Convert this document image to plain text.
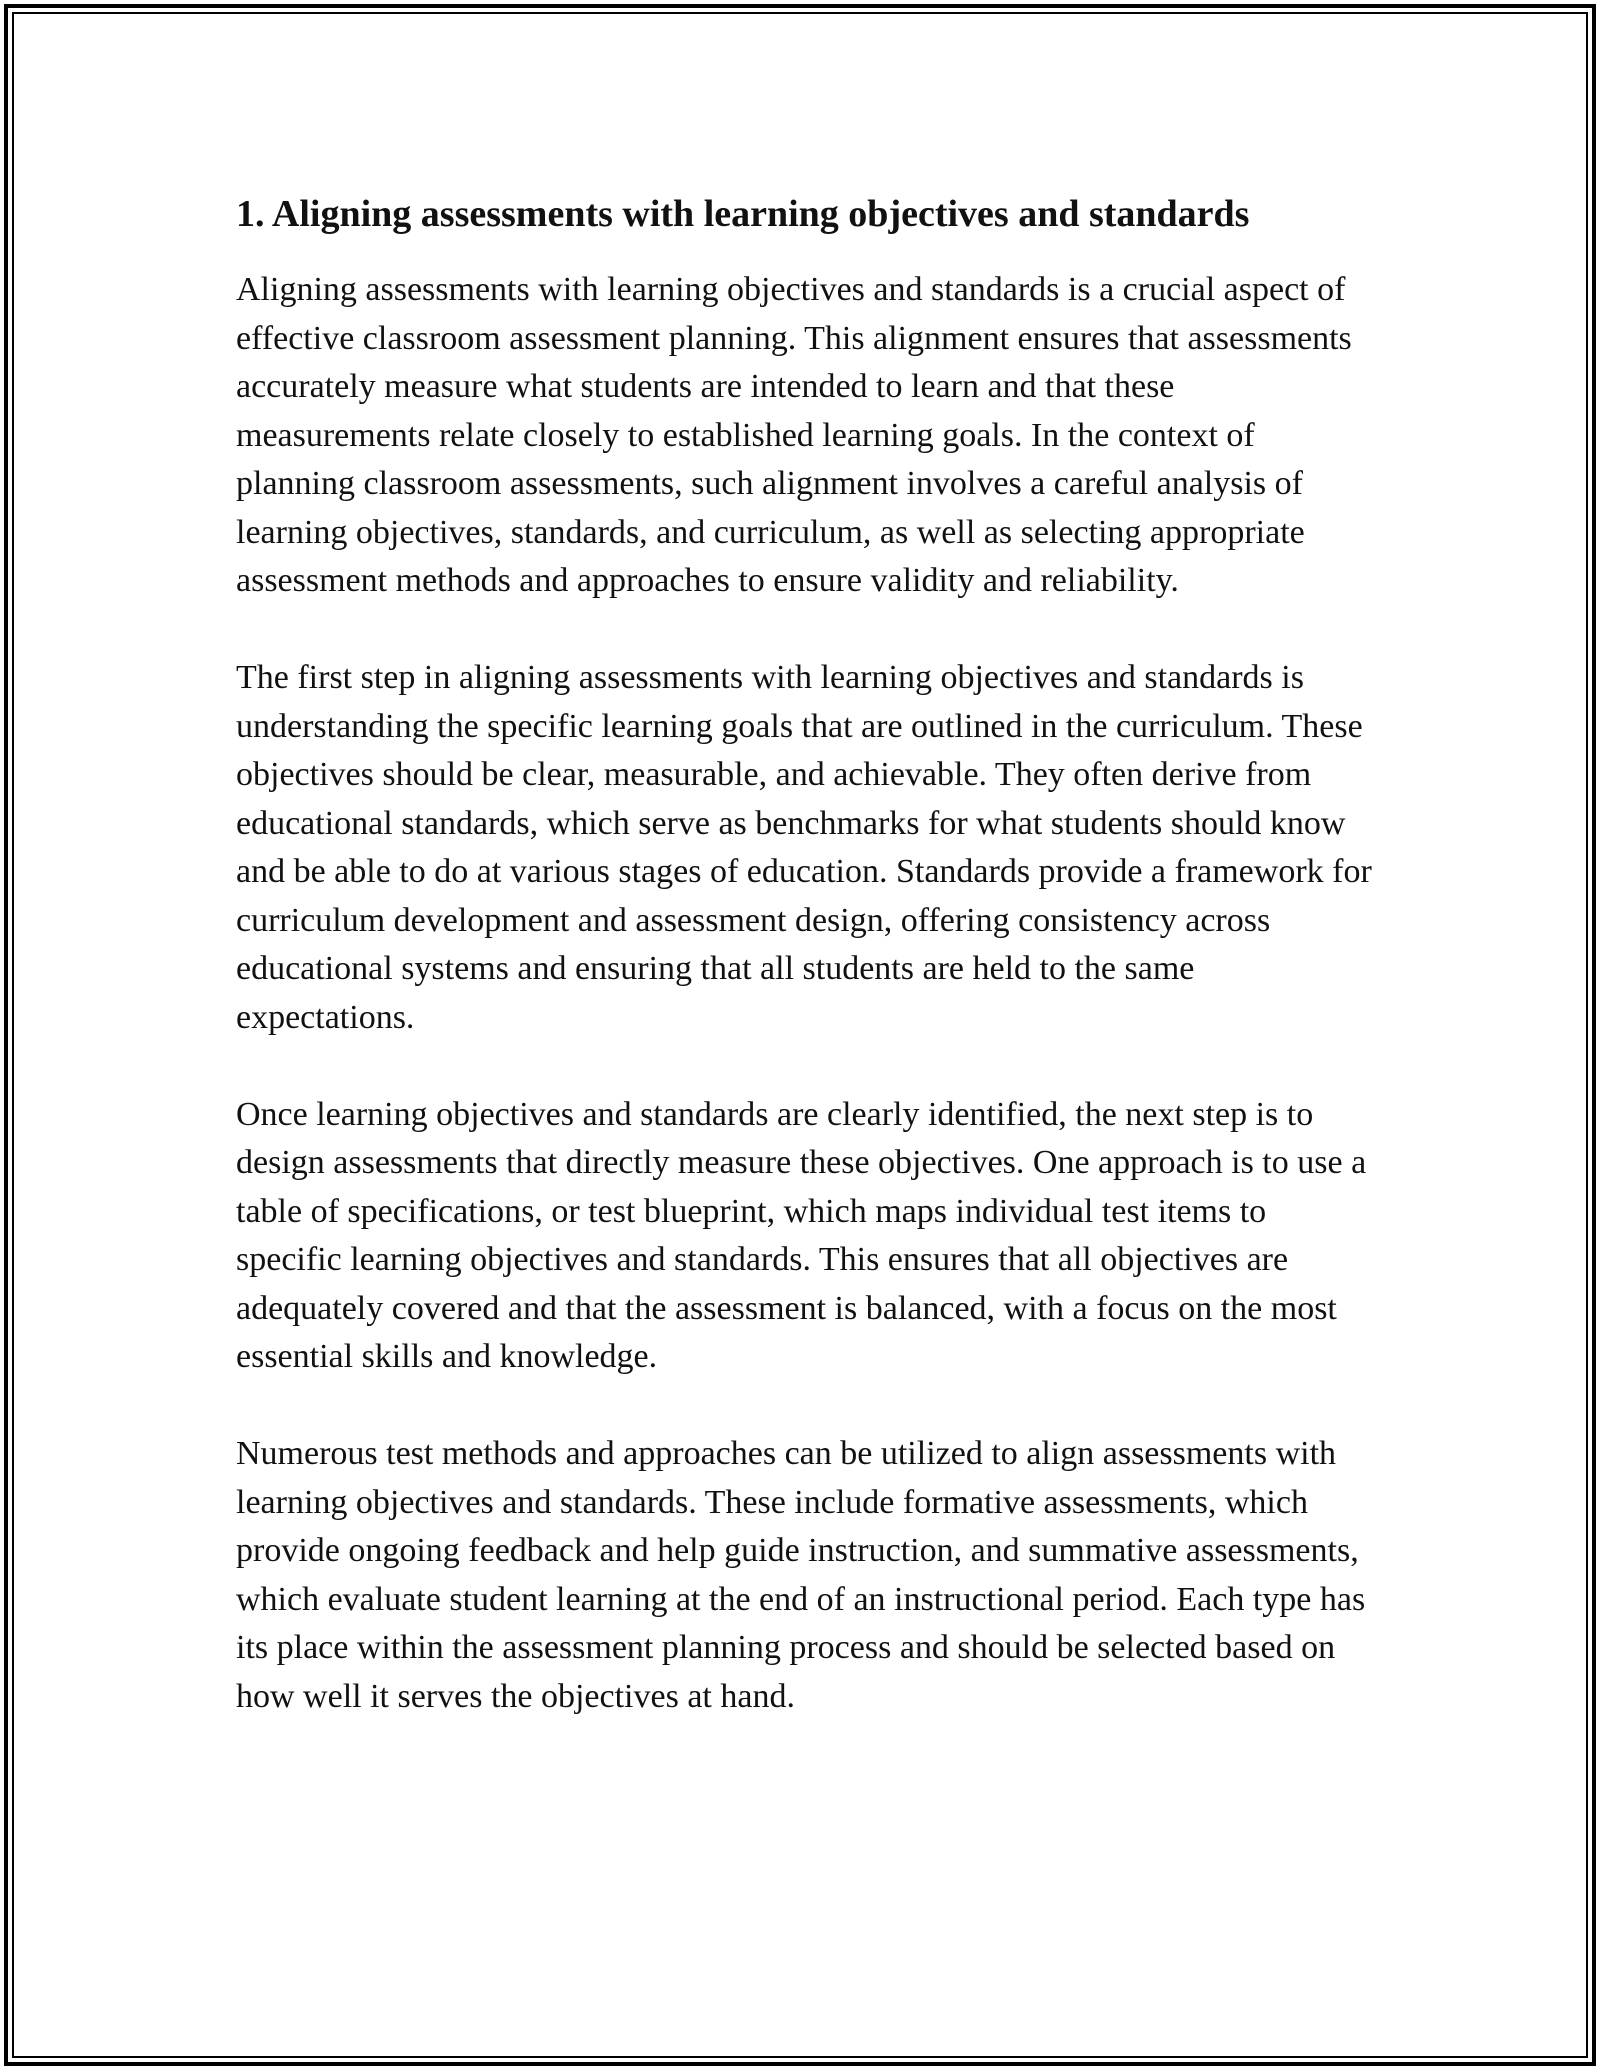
1. Aligning assessments with learning objectives and standards

Aligning assessments with learning objectives and standards is a crucial aspect of effective classroom assessment planning. This alignment ensures that assessments accurately measure what students are intended to learn and that these measurements relate closely to established learning goals. In the context of planning classroom assessments, such alignment involves a careful analysis of learning objectives, standards, and curriculum, as well as selecting appropriate assessment methods and approaches to ensure validity and reliability.

The first step in aligning assessments with learning objectives and standards is understanding the specific learning goals that are outlined in the curriculum. These objectives should be clear, measurable, and achievable. They often derive from educational standards, which serve as benchmarks for what students should know and be able to do at various stages of education. Standards provide a framework for curriculum development and assessment design, offering consistency across educational systems and ensuring that all students are held to the same expectations.

Once learning objectives and standards are clearly identified, the next step is to design assessments that directly measure these objectives. One approach is to use a table of specifications, or test blueprint, which maps individual test items to specific learning objectives and standards. This ensures that all objectives are adequately covered and that the assessment is balanced, with a focus on the most essential skills and knowledge.

Numerous test methods and approaches can be utilized to align assessments with learning objectives and standards. These include formative assessments, which provide ongoing feedback and help guide instruction, and summative assessments, which evaluate student learning at the end of an instructional period. Each type has its place within the assessment planning process and should be selected based on how well it serves the objectives at hand.
